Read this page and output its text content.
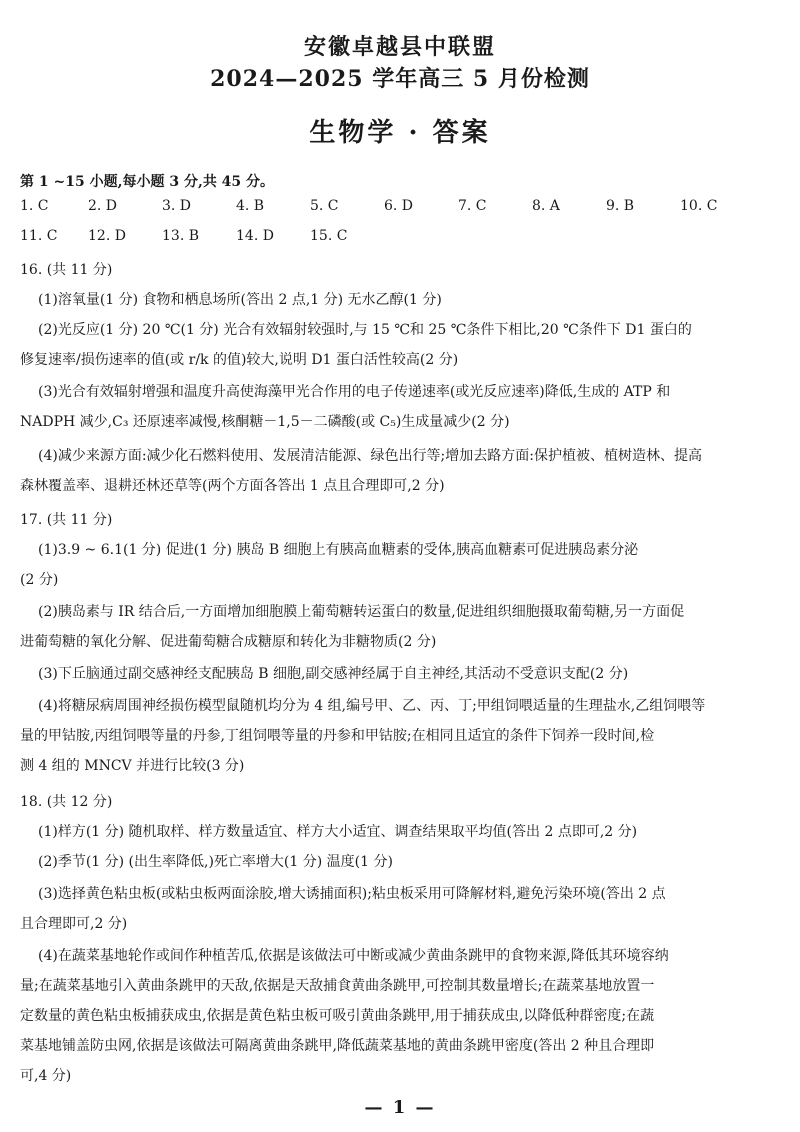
安徽卓越县中联盟
2024—2025 学年高三 5 月份检测
生物学 · 答案
第 1 ~15 小题,每小题 3 分,共 45 分。
1. C	2. D	3. D	4. B	5. C	6. D	7. C	8. A	9. B	10. C
11. C 12. D	13. B	14. D	15. C
16. (共 11 分)
(1)溶氧量(1 分) 食物和栖息场所(答出 2 点,1 分) 无水乙醇(1 分)
(2)光反应(1 分) 20 ℃(1 分) 光合有效辐射较强时,与 15 ℃和 25 ℃条件下相比,20 ℃条件下 D1 蛋白的
修复速率/损伤速率的值(或 r/k 的值)较大,说明 D1 蛋白活性较高(2 分)
(3)光合有效辐射增强和温度升高使海藻甲光合作用的电子传递速率(或光反应速率)降低,生成的 ATP 和
NADPH 减少,C₃ 还原速率减慢,核酮糖－1,5－二磷酸(或 C₅)生成量减少(2 分)
(4)减少来源方面:减少化石燃料使用、发展清洁能源、绿色出行等;增加去路方面:保护植被、植树造林、提高
森林覆盖率、退耕还林还草等(两个方面各答出 1 点且合理即可,2 分)
17. (共 11 分)
(1)3.9 ~ 6.1(1 分) 促进(1 分) 胰岛 B 细胞上有胰高血糖素的受体,胰高血糖素可促进胰岛素分泌
(2 分)
(2)胰岛素与 IR 结合后,一方面增加细胞膜上葡萄糖转运蛋白的数量,促进组织细胞摄取葡萄糖,另一方面促
进葡萄糖的氧化分解、促进葡萄糖合成糖原和转化为非糖物质(2 分)
(3)下丘脑通过副交感神经支配胰岛 B 细胞,副交感神经属于自主神经,其活动不受意识支配(2 分)
(4)将糖尿病周围神经损伤模型鼠随机均分为 4 组,编号甲、乙、丙、丁;甲组饲喂适量的生理盐水,乙组饲喂等
量的甲钴胺,丙组饲喂等量的丹参,丁组饲喂等量的丹参和甲钴胺;在相同且适宜的条件下饲养一段时间,检
测 4 组的 MNCV 并进行比较(3 分)
18. (共 12 分)
(1)样方(1 分) 随机取样、样方数量适宜、样方大小适宜、调查结果取平均值(答出 2 点即可,2 分)
(2)季节(1 分) (出生率降低,)死亡率增大(1 分) 温度(1 分)
(3)选择黄色粘虫板(或粘虫板两面涂胶,增大诱捕面积);粘虫板采用可降解材料,避免污染环境(答出 2 点
且合理即可,2 分)
(4)在蔬菜基地轮作或间作种植苦瓜,依据是该做法可中断或减少黄曲条跳甲的食物来源,降低其环境容纳
量;在蔬菜基地引入黄曲条跳甲的天敌,依据是天敌捕食黄曲条跳甲,可控制其数量增长;在蔬菜基地放置一
定数量的黄色粘虫板捕获成虫,依据是黄色粘虫板可吸引黄曲条跳甲,用于捕获成虫,以降低种群密度;在蔬
菜基地铺盖防虫网,依据是该做法可隔离黄曲条跳甲,降低蔬菜基地的黄曲条跳甲密度(答出 2 种且合理即
可,4 分)
— 1 —
